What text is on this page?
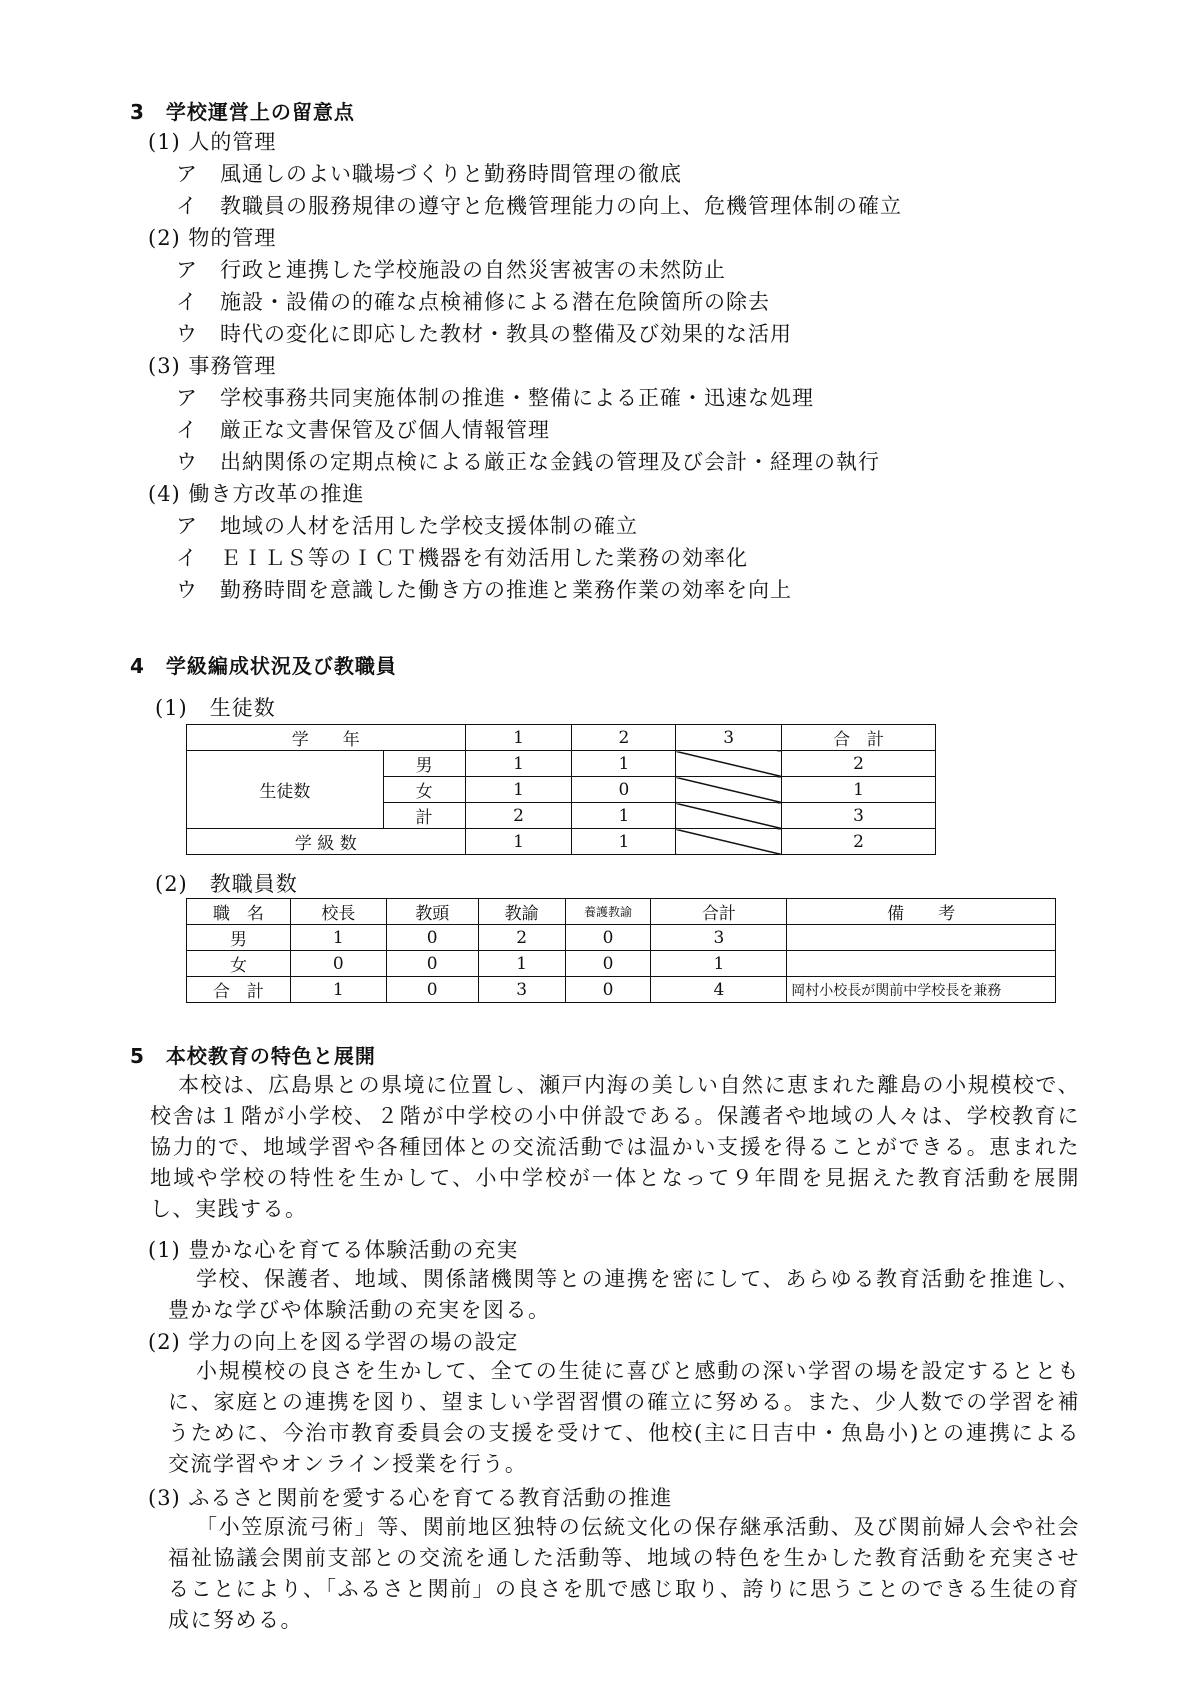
3　学校運営上の留意点
(1) 人的管理
ア　風通しのよい職場づくりと勤務時間管理の徹底
イ　教職員の服務規律の遵守と危機管理能力の向上、危機管理体制の確立
(2) 物的管理
ア　行政と連携した学校施設の自然災害被害の未然防止
イ　施設・設備の的確な点検補修による潜在危険箇所の除去
ウ　時代の変化に即応した教材・教具の整備及び効果的な活用
(3) 事務管理
ア　学校事務共同実施体制の推進・整備による正確・迅速な処理
イ　厳正な文書保管及び個人情報管理
ウ　出納関係の定期点検による厳正な金銭の管理及び会計・経理の執行
(4) 働き方改革の推進
ア　地域の人材を活用した学校支援体制の確立
イ　ＥＩＬＳ等のＩＣＴ機器を有効活用した業務の効率化
ウ　勤務時間を意識した働き方の推進と業務作業の効率を向上
4　学級編成状況及び教職員
(1)　生徒数
学　　年		1	2	3	合　計
生徒数	男	1	1		2
	女	1	0		1
	計	2	1		3
学 級 数		1	1		2
(2)　教職員数
職　名	校長	教頭	教諭	養護教諭	合計	備　　考
男	1	0	2	0	3	
女	0	0	1	0	1	
合　計	1	0	3	0	4	岡村小校長が関前中学校長を兼務
5　本校教育の特色と展開
本校は、広島県との県境に位置し、瀬戸内海の美しい自然に恵まれた離島の小規模校で、校舎は１階が小学校、２階が中学校の小中併設である。保護者や地域の人々は、学校教育に協力的で、地域学習や各種団体との交流活動では温かい支援を得ることができる。恵まれた地域や学校の特性を生かして、小中学校が一体となって９年間を見据えた教育活動を展開し、実践する。
(1) 豊かな心を育てる体験活動の充実
学校、保護者、地域、関係諸機関等との連携を密にして、あらゆる教育活動を推進し、豊かな学びや体験活動の充実を図る。
(2) 学力の向上を図る学習の場の設定
小規模校の良さを生かして、全ての生徒に喜びと感動の深い学習の場を設定するとともに、家庭との連携を図り、望ましい学習習慣の確立に努める。また、少人数での学習を補うために、今治市教育委員会の支援を受けて、他校(主に日吉中・魚島小)との連携による交流学習やオンライン授業を行う。
(3) ふるさと関前を愛する心を育てる教育活動の推進
「小笠原流弓術」等、関前地区独特の伝統文化の保存継承活動、及び関前婦人会や社会福祉協議会関前支部との交流を通した活動等、地域の特色を生かした教育活動を充実させることにより、「ふるさと関前」の良さを肌で感じ取り、誇りに思うことのできる生徒の育成に努める。
